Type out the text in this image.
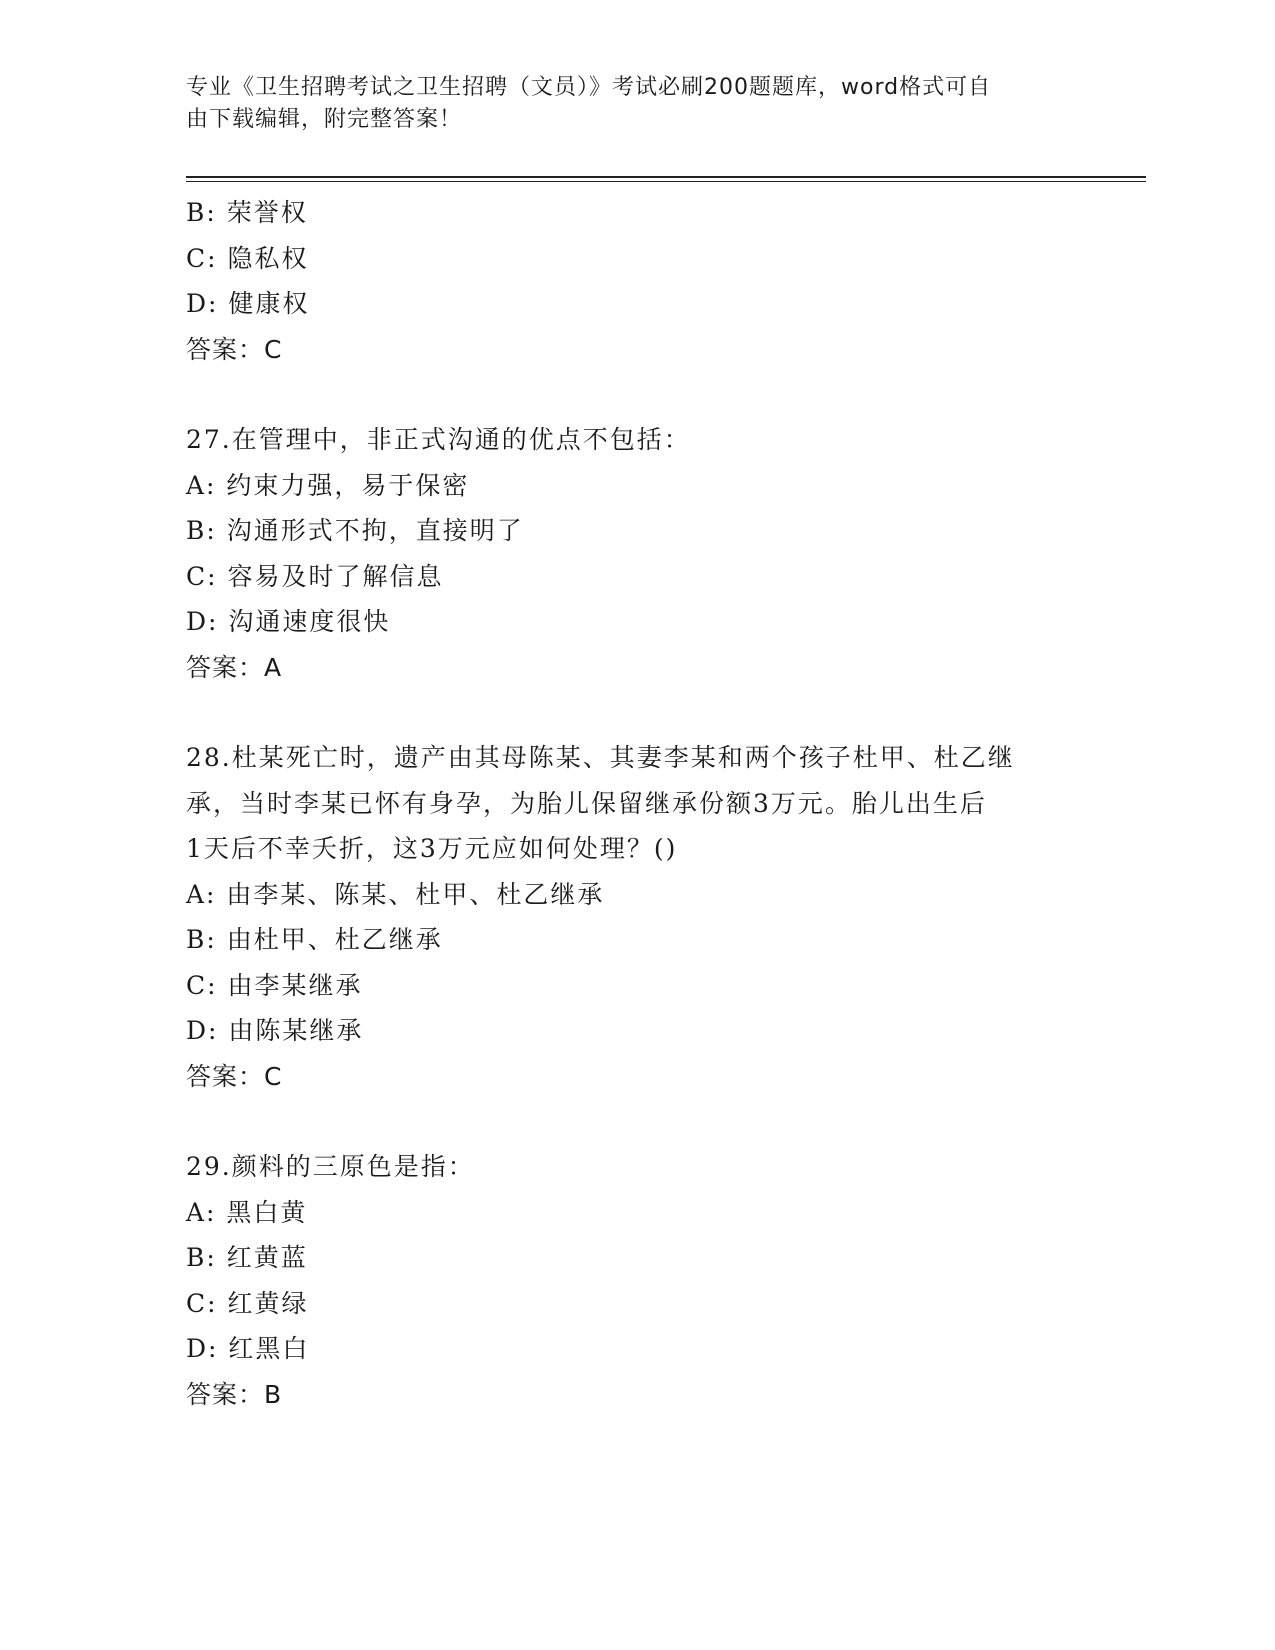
专业《卫生招聘考试之卫生招聘（文员）》考试必刷200题题库，word格式可自
由下载编辑，附完整答案！
B: 荣誉权
C: 隐私权
D: 健康权
答案：C
27.在管理中，非正式沟通的优点不包括：
A: 约束力强，易于保密
B: 沟通形式不拘，直接明了
C: 容易及时了解信息
D: 沟通速度很快
答案：A
28.杜某死亡时，遗产由其母陈某、其妻李某和两个孩子杜甲、杜乙继
承，当时李某已怀有身孕，为胎儿保留继承份额3万元。胎儿出生后
1天后不幸夭折，这3万元应如何处理？()
A: 由李某、陈某、杜甲、杜乙继承
B: 由杜甲、杜乙继承
C: 由李某继承
D: 由陈某继承
答案：C
29.颜料的三原色是指：
A: 黑白黄
B: 红黄蓝
C: 红黄绿
D: 红黑白
答案：B
